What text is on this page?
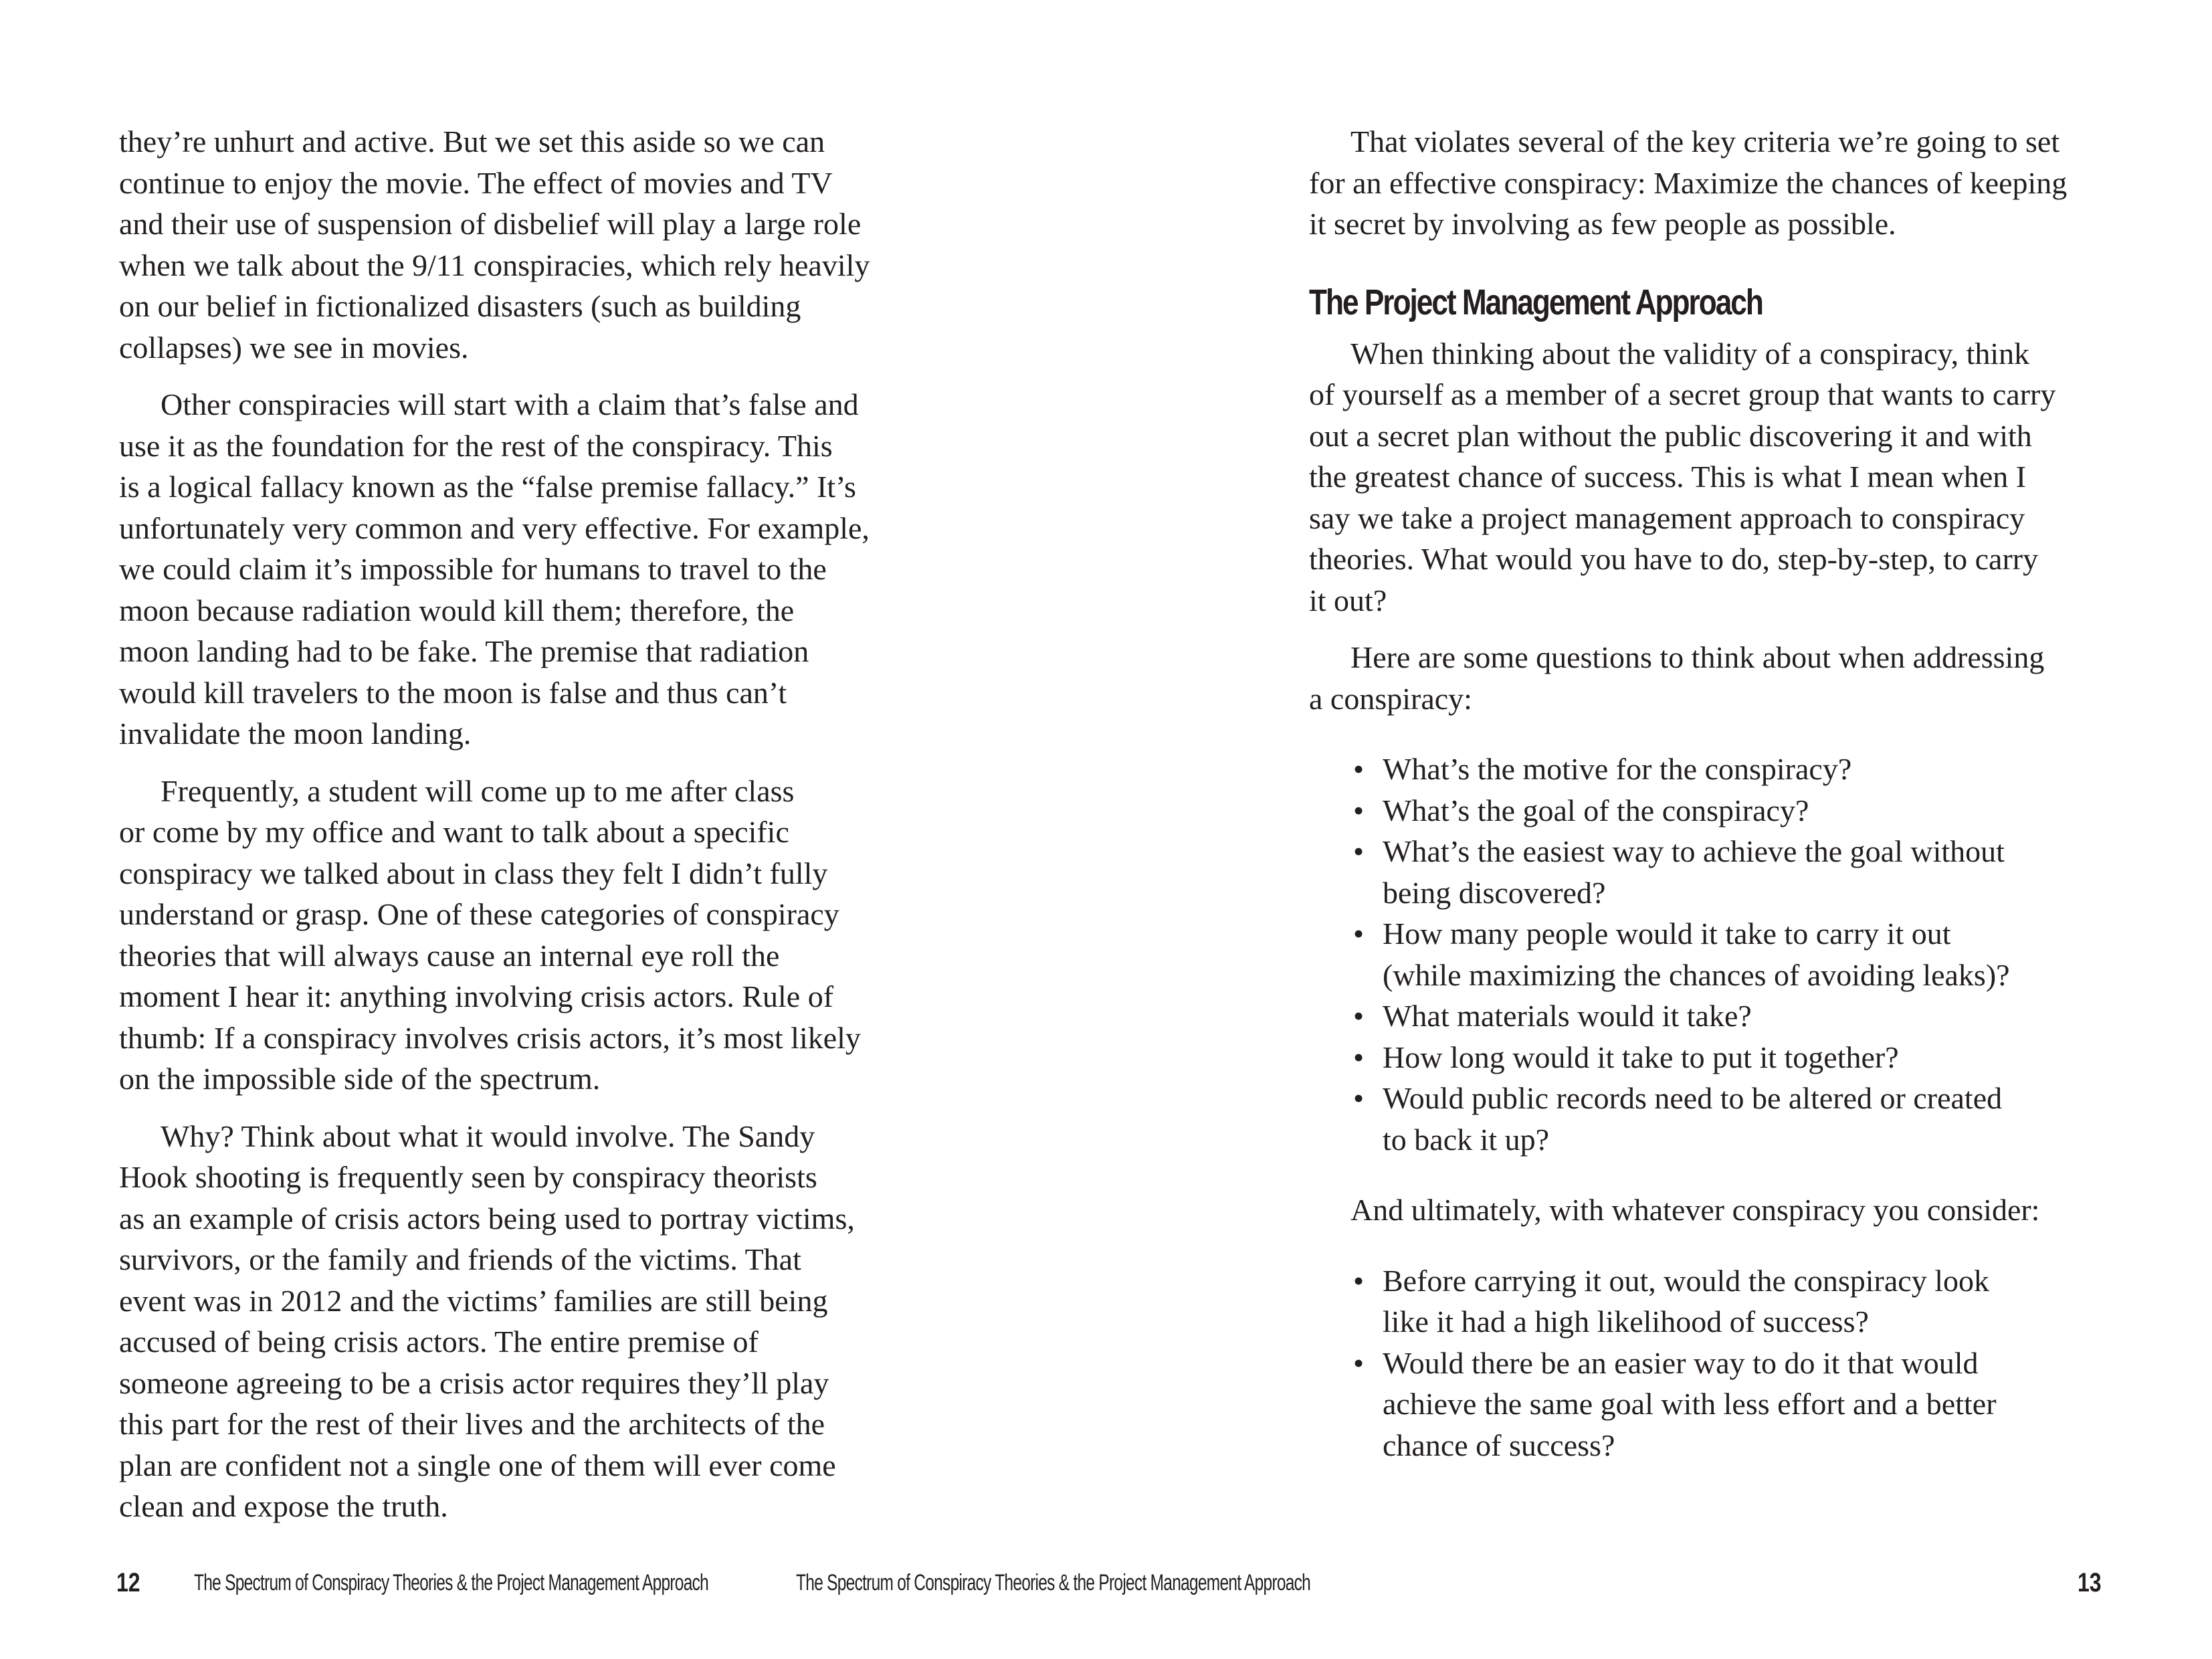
they’re unhurt and active. But we set this aside so we can
continue to enjoy the movie. The effect of movies and TV
and their use of suspension of disbelief will play a large role
when we talk about the 9/11 conspiracies, which rely heavily
on our belief in fictionalized disasters (such as building
collapses) we see in movies.

Other conspiracies will start with a claim that’s false and
use it as the foundation for the rest of the conspiracy. This
is a logical fallacy known as the “false premise fallacy.” It’s
unfortunately very common and very effective. For example,
we could claim it’s impossible for humans to travel to the
moon because radiation would kill them; therefore, the
moon landing had to be fake. The premise that radiation
would kill travelers to the moon is false and thus can’t
invalidate the moon landing.

Frequently, a student will come up to me after class
or come by my office and want to talk about a specific
conspiracy we talked about in class they felt I didn’t fully
understand or grasp. One of these categories of conspiracy
theories that will always cause an internal eye roll the
moment I hear it: anything involving crisis actors. Rule of
thumb: If a conspiracy involves crisis actors, it’s most likely
on the impossible side of the spectrum.

Why? Think about what it would involve. The Sandy
Hook shooting is frequently seen by conspiracy theorists
as an example of crisis actors being used to portray victims,
survivors, or the family and friends of the victims. That
event was in 2012 and the victims’ families are still being
accused of being crisis actors. The entire premise of
someone agreeing to be a crisis actor requires they’ll play
this part for the rest of their lives and the architects of the
plan are confident not a single one of them will ever come
clean and expose the truth.

12 The Spectrum of Conspiracy Theories & the Project Management Approach

That violates several of the key criteria we’re going to set
for an effective conspiracy: Maximize the chances of keeping
it secret by involving as few people as possible.

The Project Management Approach

When thinking about the validity of a conspiracy, think
of yourself as a member of a secret group that wants to carry
out a secret plan without the public discovering it and with
the greatest chance of success. This is what I mean when I
say we take a project management approach to conspiracy
theories. What would you have to do, step-by-step, to carry
it out?

Here are some questions to think about when addressing
a conspiracy:

• What’s the motive for the conspiracy?
• What’s the goal of the conspiracy?
• What’s the easiest way to achieve the goal without
being discovered?
• How many people would it take to carry it out
(while maximizing the chances of avoiding leaks)?
• What materials would it take?
• How long would it take to put it together?
• Would public records need to be altered or created
to back it up?

And ultimately, with whatever conspiracy you consider:

• Before carrying it out, would the conspiracy look
like it had a high likelihood of success?
• Would there be an easier way to do it that would
achieve the same goal with less effort and a better
chance of success?
The Spectrum of Conspiracy Theories & the Project Management Approach	13
